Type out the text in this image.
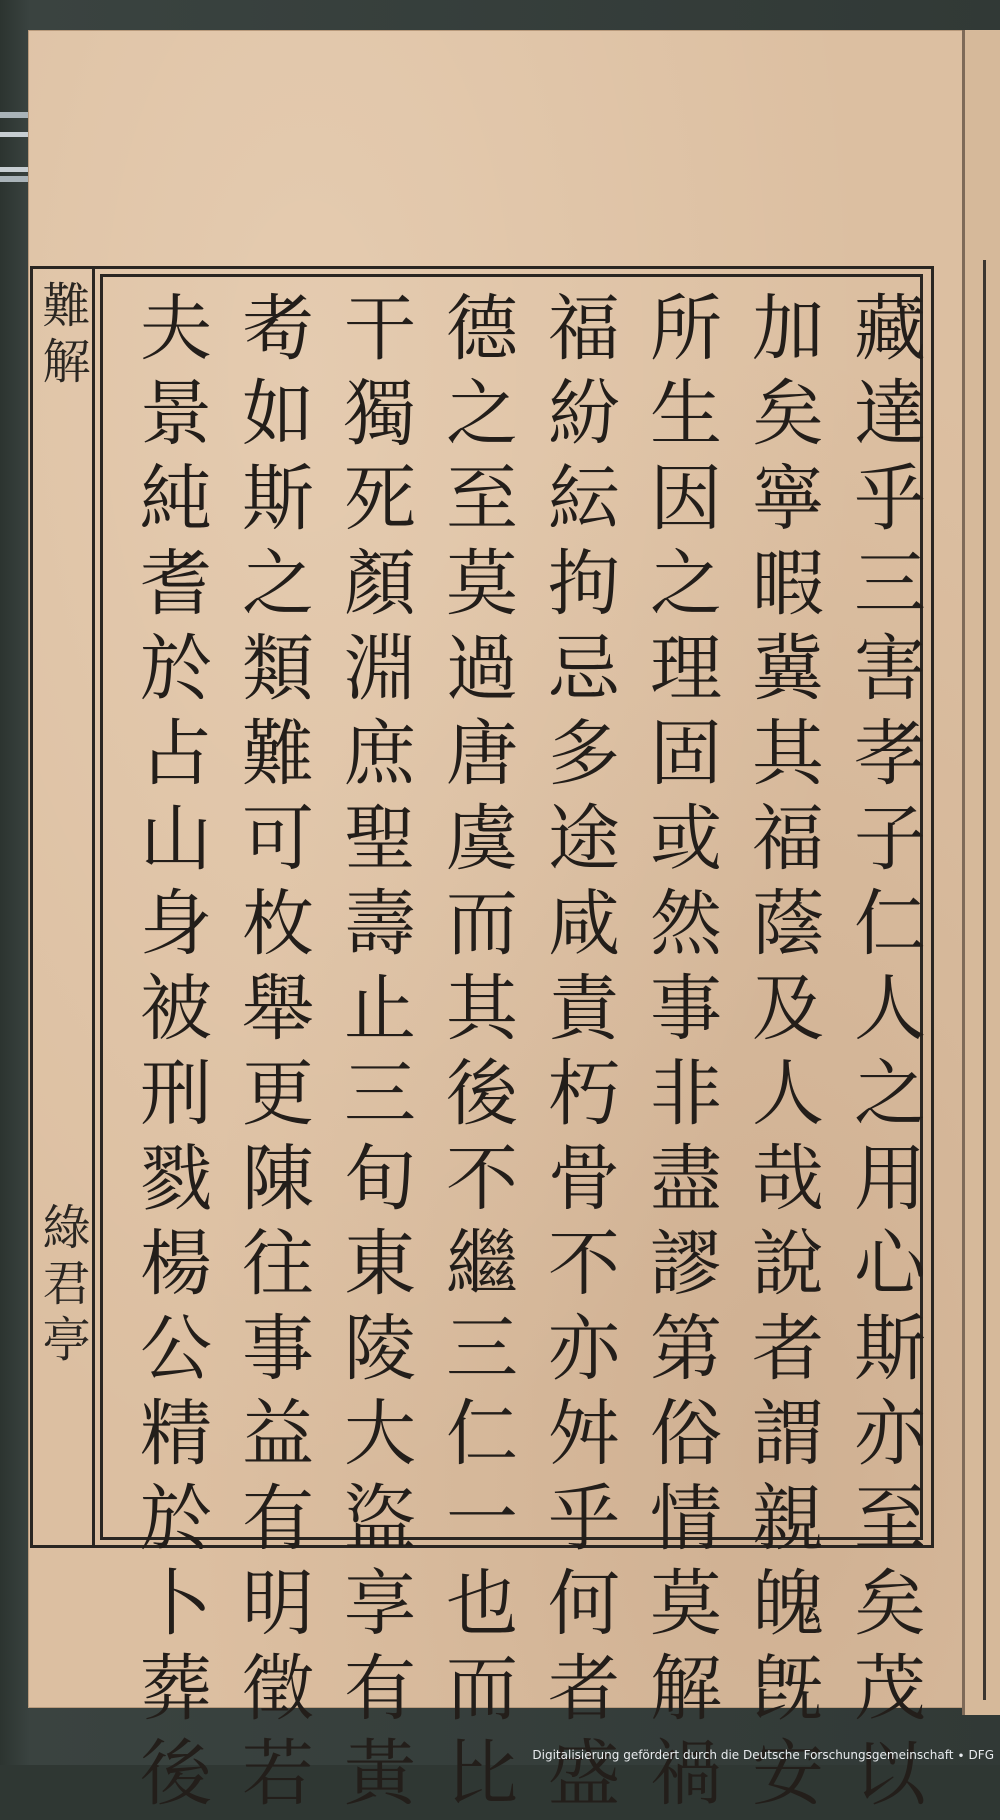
難解
綠君亭	藏達乎三害孝子仁人之用心斯亦至矣茂以
加矣寧暇冀其福蔭及人哉說者謂親魄旣安
所生因之理固或然事非盡謬第俗情莫解禍
福紛紜拘忌多途咸責朽骨不亦舛乎何者盛
德之至莫過唐虞而其後不繼三仁一也而比
干獨死顏淵庶聖壽止三旬東陵大盜享有黃
耇如斯之類難可枚舉更陳往事益有明徵若
夫景純耆於占山身被刑戮楊公精於卜葬後	Digitalisierung gefördert durch die Deutsche Forschungsgemeinschaft ∙ DFG
